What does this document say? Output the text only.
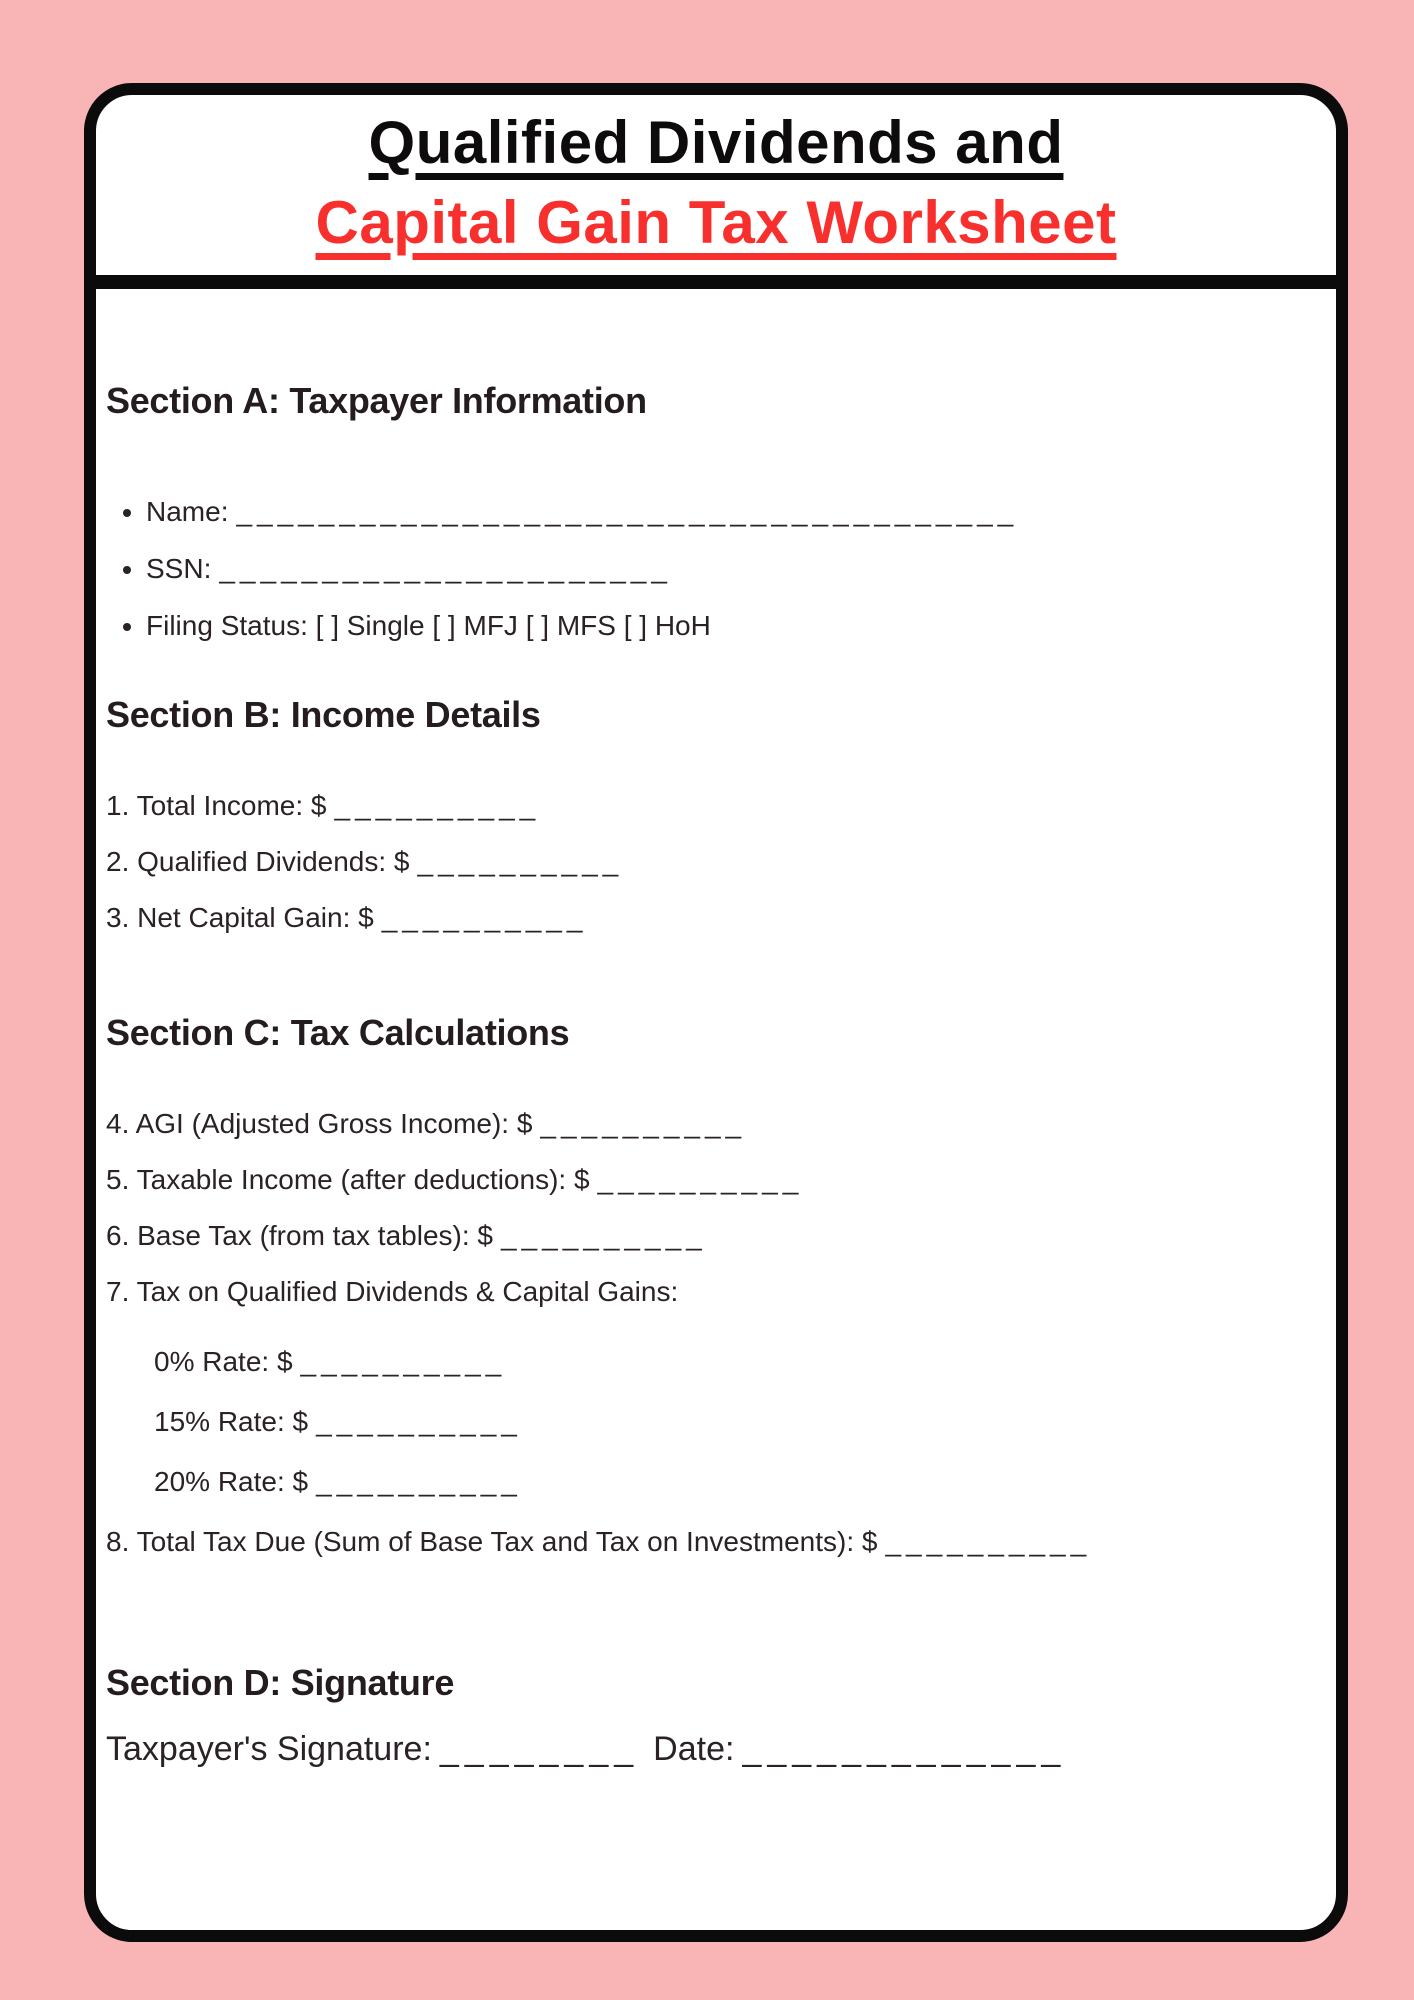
Qualified Dividends and
Capital Gain Tax Worksheet
Section A: Taxpayer Information
• Name: ______________________________________
• SSN: ______________________
• Filing Status: [ ] Single [ ] MFJ [ ] MFS [ ] HoH
Section B: Income Details

1. Total Income: $ __________

2. Qualified Dividends: $ __________

3. Net Capital Gain: $ __________

Section C: Tax Calculations

4. AGI (Adjusted Gross Income): $ __________

5. Taxable Income (after deductions): $ __________

6. Base Tax (from tax tables): $ __________

7. Tax on Qualified Dividends & Capital Gains:

0% Rate: $ __________

15% Rate: $ __________

20% Rate: $ __________

8. Total Tax Due (Sum of Base Tax and Tax on Investments): $ __________

Section D: Signature

Taxpayer's Signature: ________ Date: _____________
